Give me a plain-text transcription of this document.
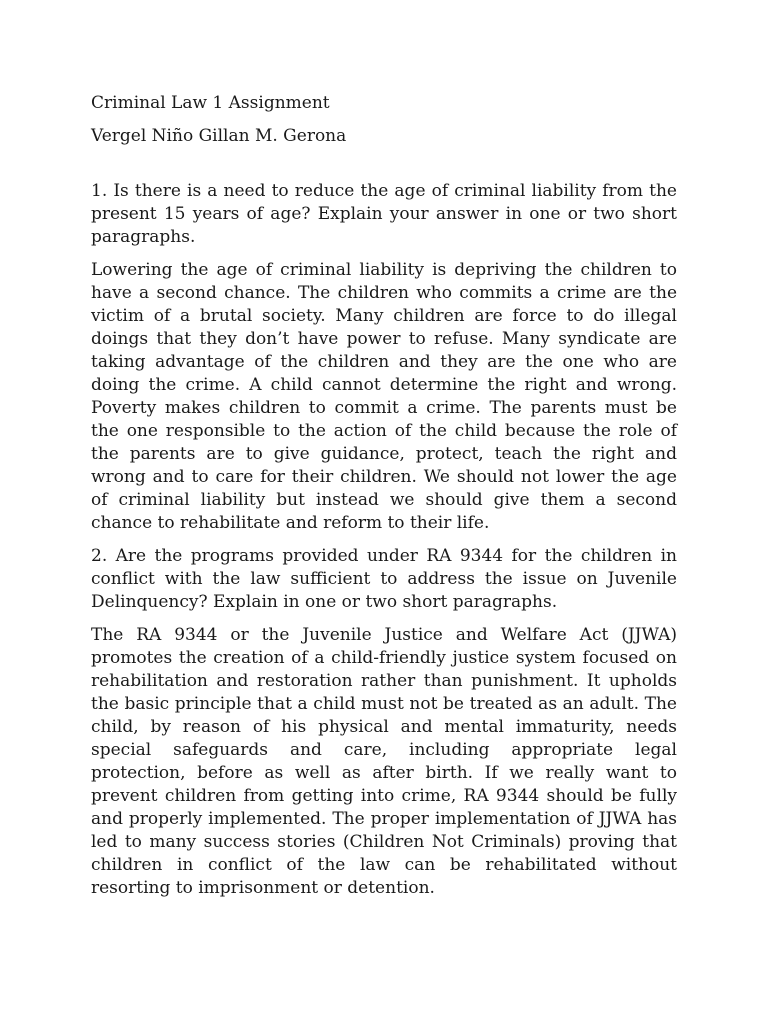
Criminal Law 1 Assignment

Vergel Niño Gillan M. Gerona

1. Is there is a need to reduce the age of criminal liability from the present 15 years of age? Explain your answer in one or two short paragraphs.

Lowering the age of criminal liability is depriving the children to have a second chance. The children who commits a crime are the victim of a brutal society. Many children are force to do illegal doings that they don’t have power to refuse. Many syndicate are taking advantage of the children and they are the one who are doing the crime. A child cannot determine the right and wrong. Poverty makes children to commit a crime. The parents must be the one responsible to the action of the child because the role of the parents are to give guidance, protect, teach the right and wrong and to care for their children. We should not lower the age of criminal liability but instead we should give them a second chance to rehabilitate and reform to their life.

2. Are the programs provided under RA 9344 for the children in conflict with the law sufficient to address the issue on Juvenile Delinquency? Explain in one or two short paragraphs.

The RA 9344 or the Juvenile Justice and Welfare Act (JJWA) promotes the creation of a child-friendly justice system focused on rehabilitation and restoration rather than punishment. It upholds the basic principle that a child must not be treated as an adult. The child, by reason of his physical and mental immaturity, needs special safeguards and care, including appropriate legal protection, before as well as after birth. If we really want to prevent children from getting into crime, RA 9344 should be fully and properly implemented. The proper implementation of JJWA has led to many success stories (Children Not Criminals) proving that children in conflict of the law can be rehabilitated without resorting to imprisonment or detention.
